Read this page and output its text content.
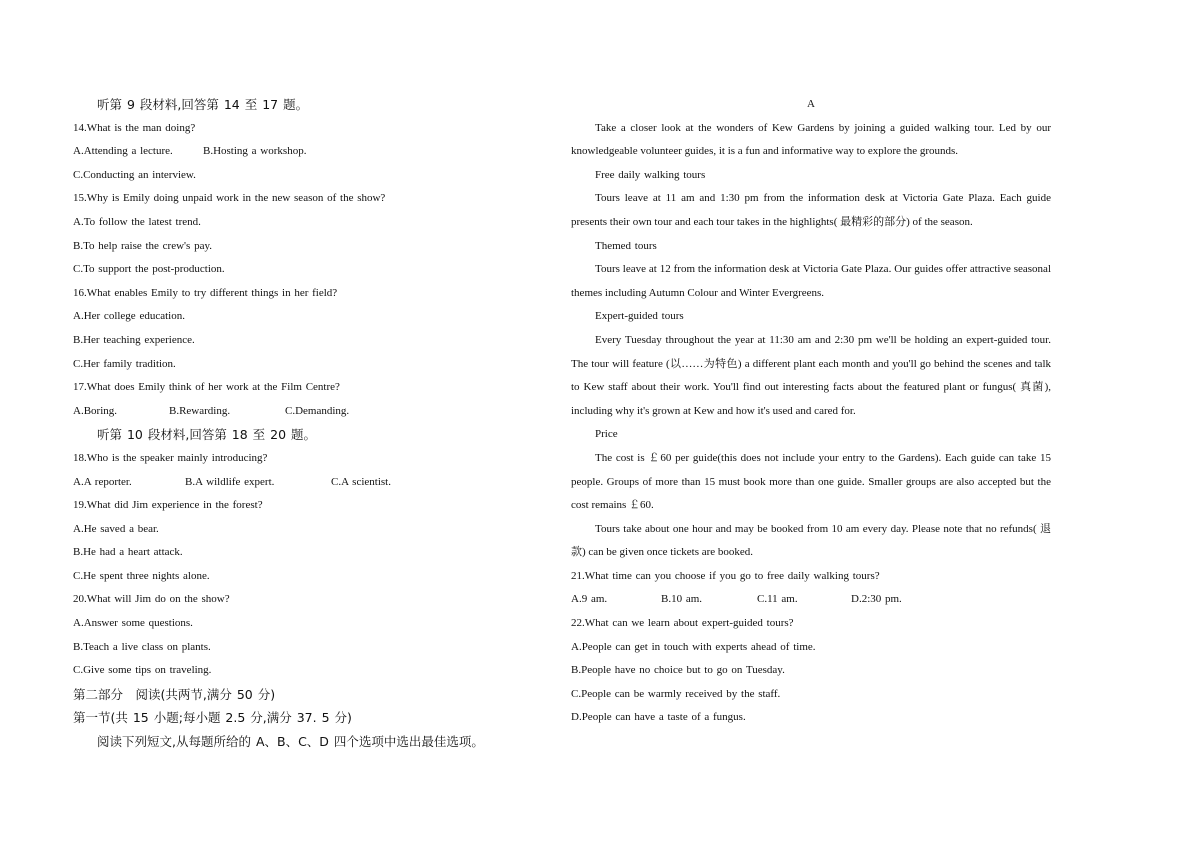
听第 9 段材料,回答第 14 至 17 题。
14.What is the man doing?
A.Attending a lecture.	B.Hosting a workshop.
C.Conducting an interview.
15.Why is Emily doing unpaid work in the new season of the show?
A.To follow the latest trend.
B.To help raise the crew's pay.
C.To support the post-production.
16.What enables Emily to try different things in her field?
A.Her college education.
B.Her teaching experience.
C.Her family tradition.
17.What does Emily think of her work at the Film Centre?
A.Boring.	B.Rewarding.	C.Demanding.
听第 10 段材料,回答第 18 至 20 题。
18.Who is the speaker mainly introducing?
A.A reporter.	B.A wildlife expert.	C.A scientist.
19.What did Jim experience in the forest?
A.He saved a bear.
B.He had a heart attack.
C.He spent three nights alone.
20.What will Jim do on the show?
A.Answer some questions.
B.Teach a live class on plants.
C.Give some tips on traveling.
第二部分　阅读(共两节,满分 50 分)
第一节(共 15 小题;每小题 2.5 分,满分 37. 5 分)
阅读下列短文,从每题所给的 A、B、C、D 四个选项中选出最佳选项。
A
Take a closer look at the wonders of Kew Gardens by joining a guided walking tour. Led by our knowledgeable volunteer guides, it is a fun and informative way to explore the grounds.
Free daily walking tours
Tours leave at 11 am and 1:30 pm from the information desk at Victoria Gate Plaza. Each guide presents their own tour and each tour takes in the highlights( 最精彩的部分) of the season.
Themed tours
Tours leave at 12 from the information desk at Victoria Gate Plaza. Our guides offer attractive seasonal themes including Autumn Colour and Winter Evergreens.
Expert-guided tours
Every Tuesday throughout the year at 11:30 am and 2:30 pm we'll be holding an expert-guided tour. The tour will feature (以……为特色) a different plant each month and you'll go behind the scenes and talk to Kew staff about their work. You'll find out interesting facts about the featured plant or fungus( 真菌), including why it's grown at Kew and how it's used and cared for.
Price
The cost is ￡60 per guide(this does not include your entry to the Gardens). Each guide can take 15 people. Groups of more than 15 must book more than one guide. Smaller groups are also accepted but the cost remains ￡60.
Tours take about one hour and may be booked from 10 am every day. Please note that no refunds( 退款) can be given once tickets are booked.
21.What time can you choose if you go to free daily walking tours?
A.9 am.	B.10 am.	C.11 am.	D.2:30 pm.
22.What can we learn about expert-guided tours?
A.People can get in touch with experts ahead of time.
B.People have no choice but to go on Tuesday.
C.People can be warmly received by the staff.
D.People can have a taste of a fungus.
